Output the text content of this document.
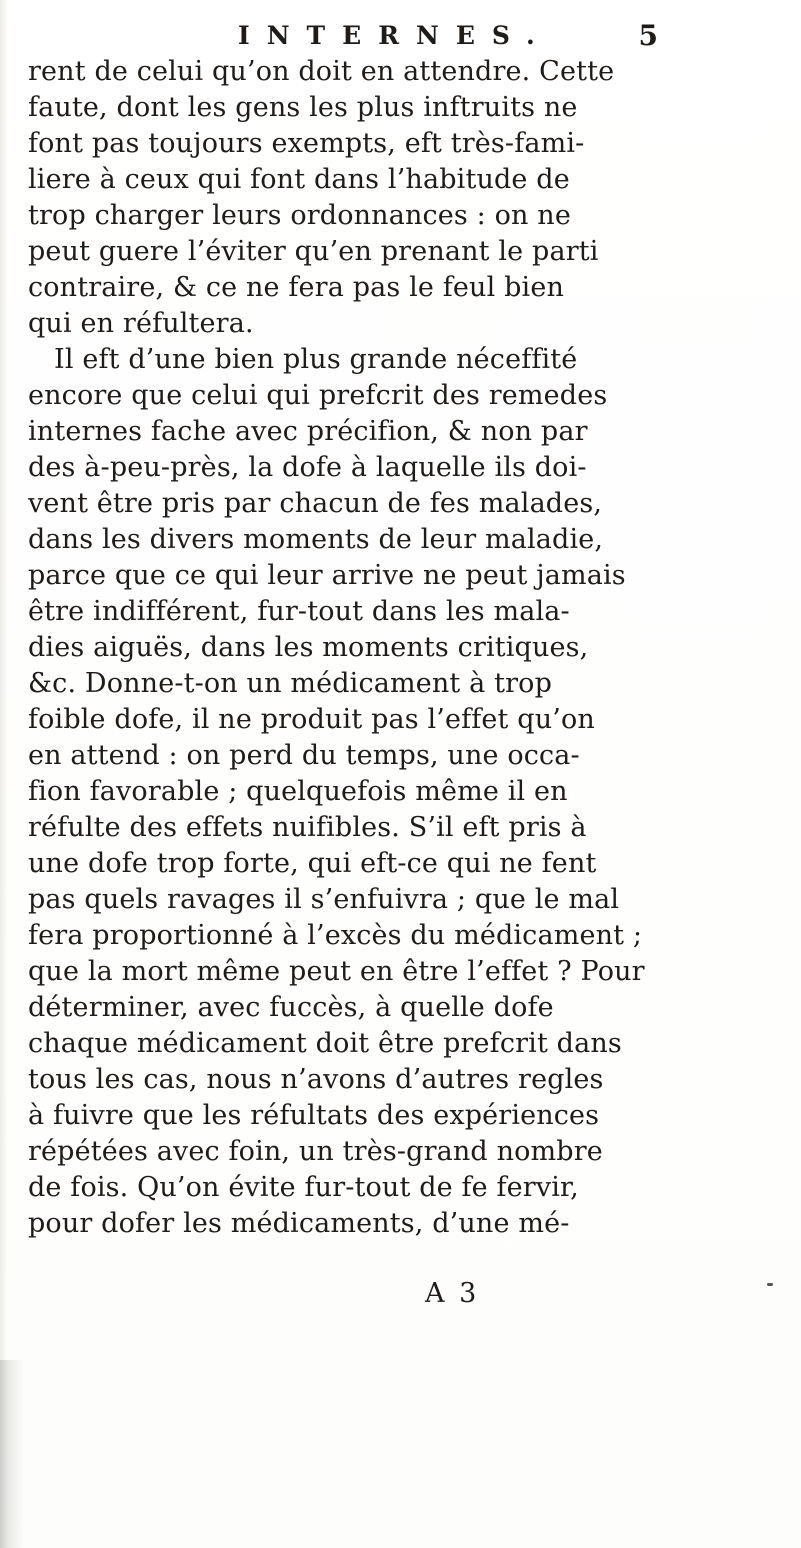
INTERNES.	5
rent de celui qu’on doit en attendre. Cette
faute, dont les gens les plus inftruits ne
font pas toujours exempts, eft très-fami-
liere à ceux qui font dans l’habitude de
trop charger leurs ordonnances : on ne
peut guere l’éviter qu’en prenant le parti
contraire, & ce ne fera pas le feul bien
qui en réfultera.
Il eft d’une bien plus grande néceffité
encore que celui qui prefcrit des remedes
internes fache avec précifion, & non par
des à-peu-près, la dofe à laquelle ils doi-
vent être pris par chacun de fes malades,
dans les divers moments de leur maladie,
parce que ce qui leur arrive ne peut jamais
être indifférent, fur-tout dans les mala-
dies aiguës, dans les moments critiques,
&c. Donne-t-on un médicament à trop
foible dofe, il ne produit pas l’effet qu’on
en attend : on perd du temps, une occa-
fion favorable ; quelquefois même il en
réfulte des effets nuifibles. S’il eft pris à
une dofe trop forte, qui eft-ce qui ne fent
pas quels ravages il s’enfuivra ; que le mal
fera proportionné à l’excès du médicament ;
que la mort même peut en être l’effet ? Pour
déterminer, avec fuccès, à quelle dofe
chaque médicament doit être prefcrit dans
tous les cas, nous n’avons d’autres regles
à fuivre que les réfultats des expériences
répétées avec foin, un très-grand nombre
de fois. Qu’on évite fur-tout de fe fervir,
pour dofer les médicaments, d’une mé-
A 3
